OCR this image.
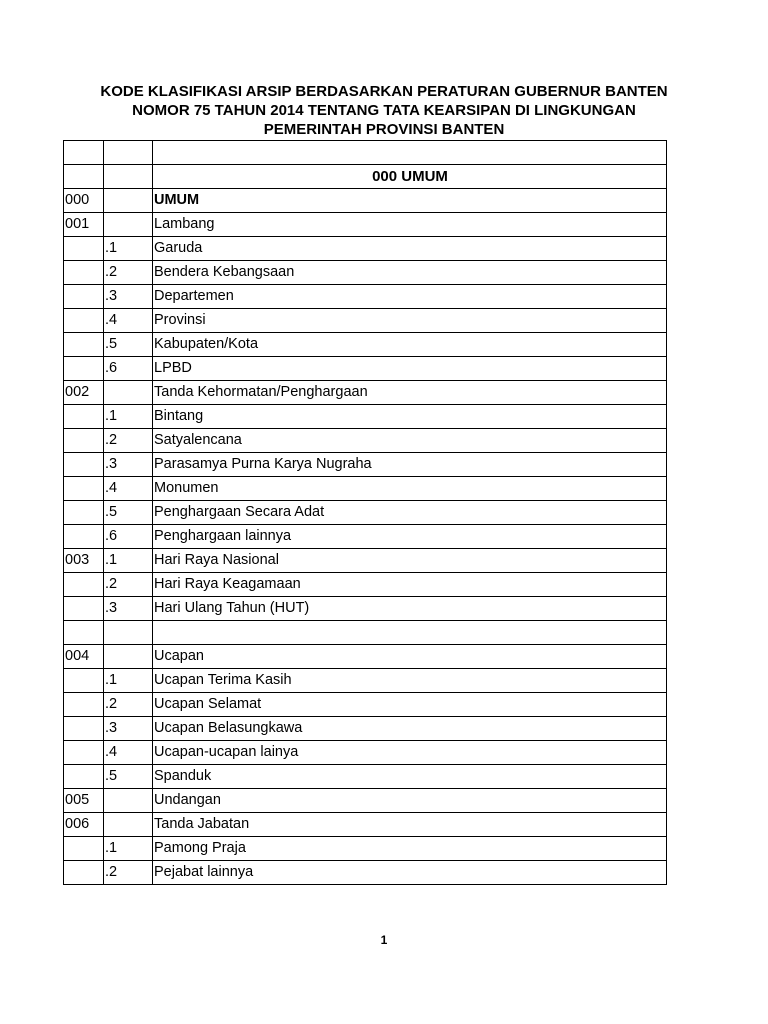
KODE KLASIFIKASI ARSIP BERDASARKAN PERATURAN GUBERNUR BANTEN
NOMOR 75 TAHUN 2014 TENTANG TATA KEARSIPAN DI LINGKUNGAN
PEMERINTAH PROVINSI BANTEN

		000 UMUM
000		UMUM
001		Lambang
	.1	Garuda
	.2	Bendera Kebangsaan
	.3	Departemen
	.4	Provinsi
	.5	Kabupaten/Kota
	.6	LPBD
002		Tanda Kehormatan/Penghargaan
	.1	Bintang
	.2	Satyalencana
	.3	Parasamya Purna Karya Nugraha
	.4	Monumen
	.5	Penghargaan Secara Adat
	.6	Penghargaan lainnya
003	.1	Hari Raya Nasional
	.2	Hari Raya Keagamaan
	.3	Hari Ulang Tahun (HUT)

004		Ucapan
	.1	Ucapan Terima Kasih
	.2	Ucapan Selamat
	.3	Ucapan Belasungkawa
	.4	Ucapan-ucapan lainya
	.5	Spanduk
005		Undangan
006		Tanda Jabatan
	.1	Pamong Praja
	.2	Pejabat lainnya
1
